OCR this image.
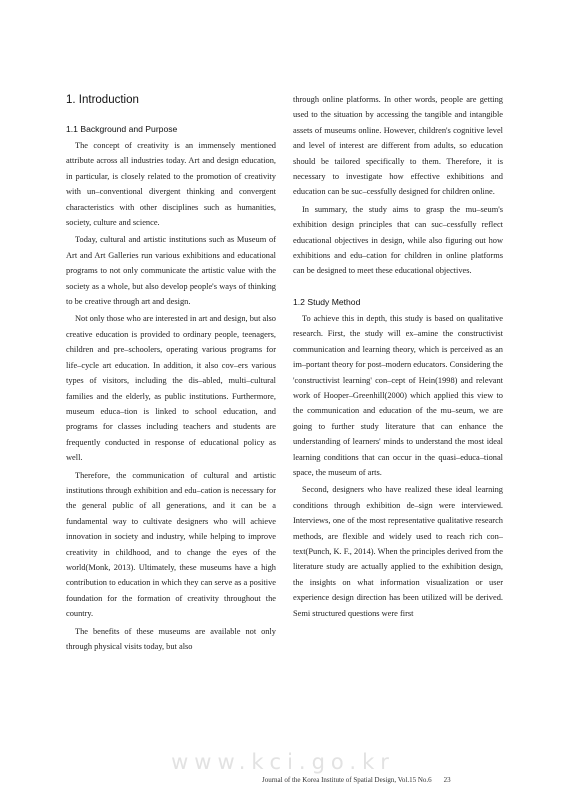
1. Introduction
1.1 Background and Purpose

The concept of creativity is an immensely mentioned attribute across all industries today. Art and design education, in particular, is closely related to the promotion of creativity with un–conventional divergent thinking and convergent characteristics with other disciplines such as humanities, society, culture and science.

Today, cultural and artistic institutions such as Museum of Art and Art Galleries run various exhibitions and educational programs to not only communicate the artistic value with the society as a whole, but also develop people's ways of thinking to be creative through art and design.

Not only those who are interested in art and design, but also creative education is provided to ordinary people, teenagers, children and pre–schoolers, operating various programs for life–cycle art education. In addition, it also cov–ers various types of visitors, including the dis–abled, multi–cultural families and the elderly, as public institutions. Furthermore, museum educa–tion is linked to school education, and programs for classes including teachers and students are frequently conducted in response of educational policy as well.

Therefore, the communication of cultural and artistic institutions through exhibition and edu–cation is necessary for the general public of all generations, and it can be a fundamental way to cultivate designers who will achieve innovation in society and industry, while helping to improve creativity in childhood, and to change the eyes of the world(Monk, 2013). Ultimately, these museums have a high contribution to education in which they can serve as a positive foundation for the formation of creativity throughout the country.

The benefits of these museums are available not only through physical visits today, but also

through online platforms. In other words, people are getting used to the situation by accessing the tangible and intangible assets of museums online. However, children's cognitive level and level of interest are different from adults, so education should be tailored specifically to them. Therefore, it is necessary to investigate how effective exhibitions and education can be suc–cessfully designed for children online.

In summary, the study aims to grasp the mu–seum's exhibition design principles that can suc–cessfully reflect educational objectives in design, while also figuring out how exhibitions and edu–cation for children in online platforms can be designed to meet these educational objectives.

1.2 Study Method

To achieve this in depth, this study is based on qualitative research. First, the study will ex–amine the constructivist communication and learning theory, which is perceived as an im–portant theory for post–modern educators. Considering the 'constructivist learning' con–cept of Hein(1998) and relevant work of Hooper–Greenhill(2000) which applied this view to the communication and education of the mu–seum, we are going to further study literature that can enhance the understanding of learners' minds to understand the most ideal learning conditions that can occur in the quasi–educa–tional space, the museum of arts.

Second, designers who have realized these ideal learning conditions through exhibition de–sign were interviewed. Interviews, one of the most representative qualitative research methods, are flexible and widely used to reach rich con–text(Punch, K. F., 2014). When the principles derived from the literature study are actually applied to the exhibition design, the insights on what information visualization or user experience design direction has been utilized will be derived. Semi structured questions were first

www.kci.go.kr
Journal of the Korea Institute of Spatial Design, Vol.15 No.6 23
